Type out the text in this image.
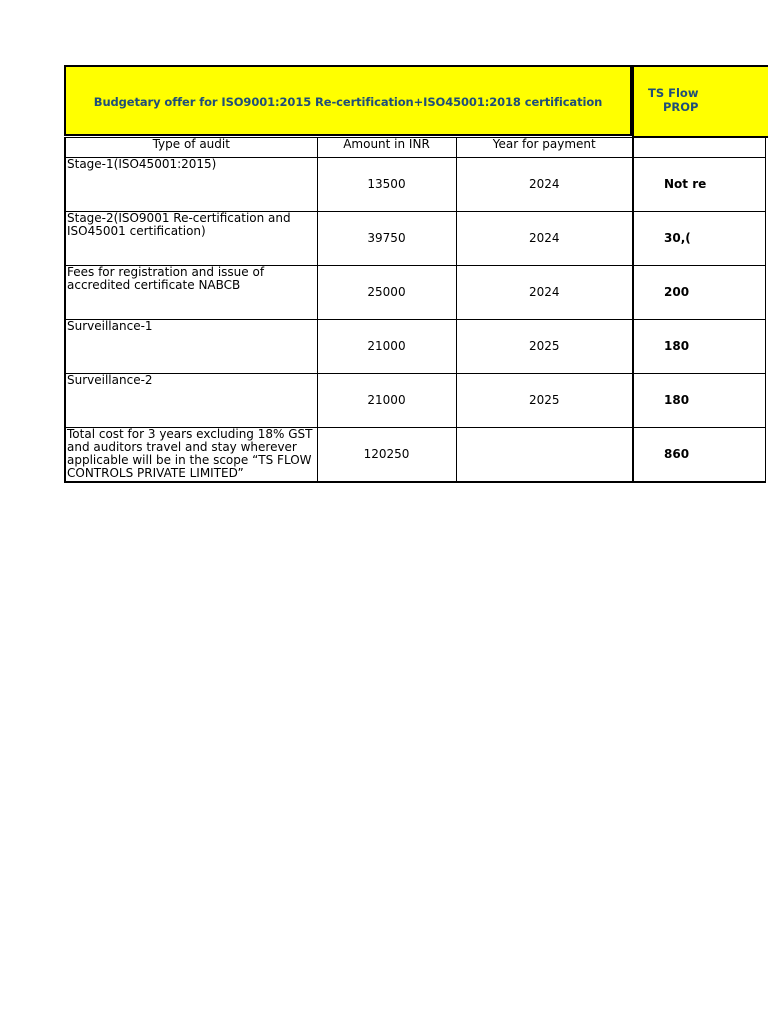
TS Flow
PROP
Budgetary offer for ISO9001:2015 Re-certification+ISO45001:2018 certification
Type of audit	Amount in INR	Year for payment	
Stage-1(ISO45001:2015)	13500	2024	Not re
Stage-2(ISO9001 Re-certification and ISO45001 certification)	39750	2024	30,(
Fees for registration and issue of accredited certificate NABCB	25000	2024	200
Surveillance-1	21000	2025	180
Surveillance-2	21000	2025	180
Total cost for 3 years excluding 18% GST and auditors travel and stay wherever applicable will be in the scope “TS FLOW CONTROLS PRIVATE LIMITED”	120250		860
